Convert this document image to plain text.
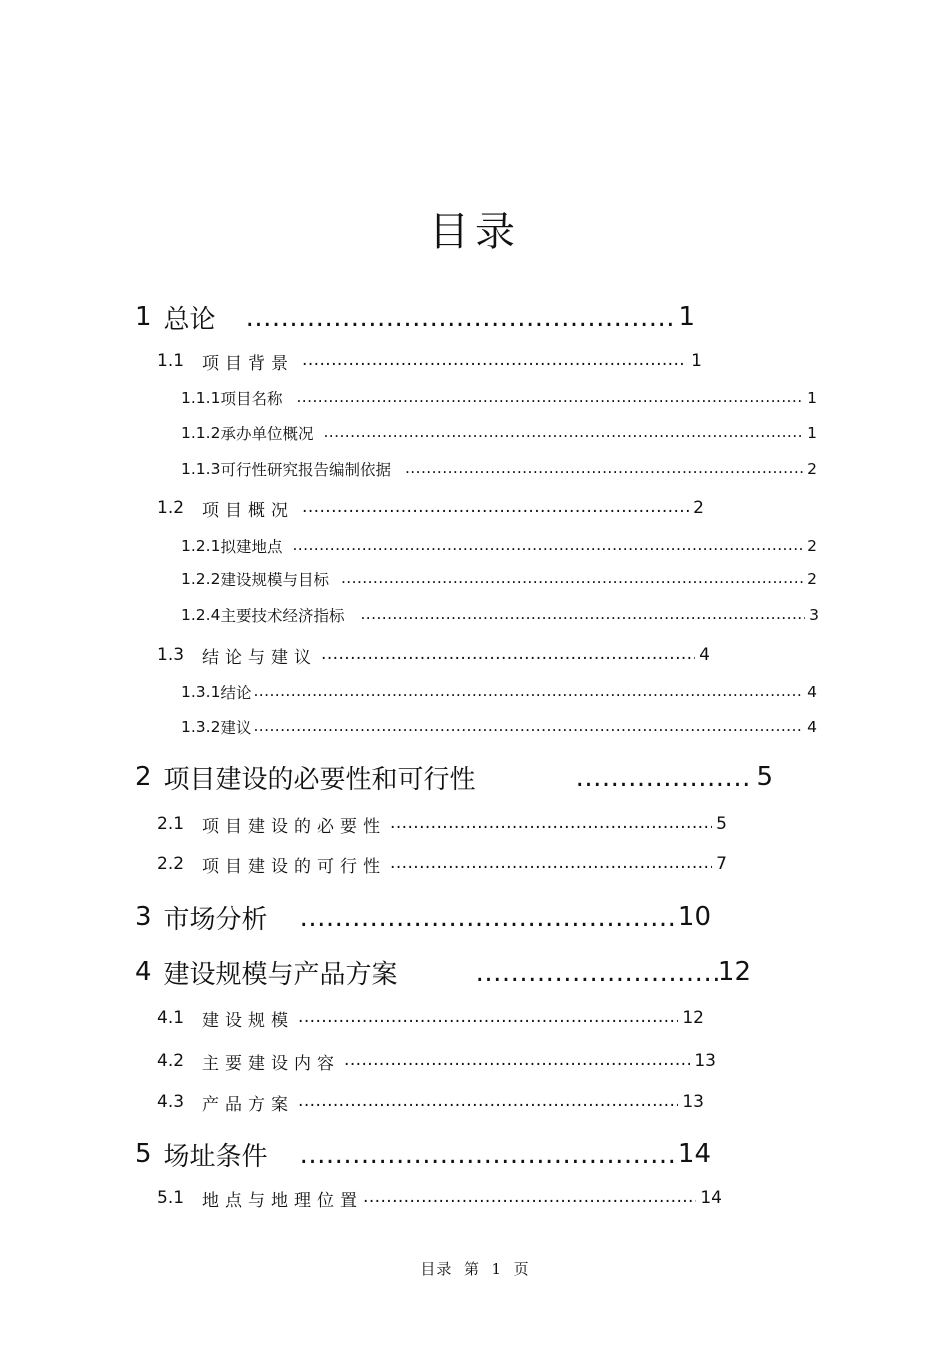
目录
1 总论 .....	1
1.1 项目背景 .....	1
1.1.1 项目名称 .....	1
1.1.2 承办单位概况 .....	1
1.1.3 可行性研究报告编制依据 .....	2
1.2 项目概况 .....	2
1.2.1 拟建地点 .....	2
1.2.2 建设规模与目标 .....	2
1.2.4 主要技术经济指标 .....	3
1.3 结论与建议 .....	4
1.3.1 结论 .....	4
1.3.2 建议 .....	4
2 项目建设的必要性和可行性 .....	5
2.1 项目建设的必要性 .....	5
2.2 项目建设的可行性 .....	7
3 市场分析 .....	10
4 建设规模与产品方案 .....	12
4.1 建设规模 .....	12
4.2 主要建设内容 .....	13
4.3 产品方案 .....	13
5 场址条件 .....	14
5.1 地点与地理位置 .....	14
目录  第  1  页
